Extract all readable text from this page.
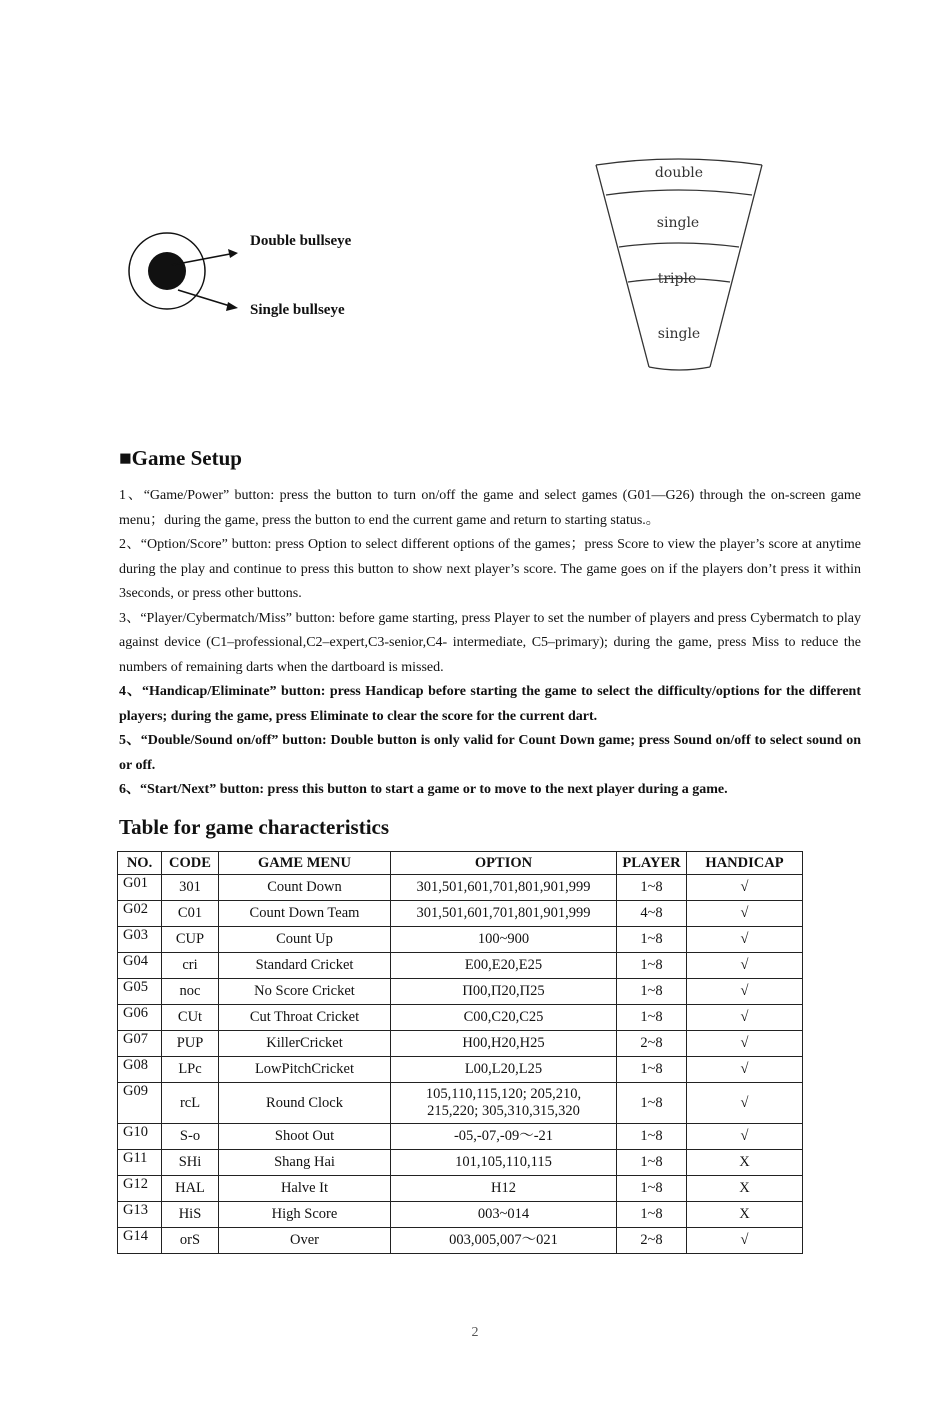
Double bullseye
Single bullseye
double
single
triple
single
■Game Setup

1、“Game/Power” button: press the button to turn on/off the game and select games (G01—G26) through the on-screen game menu；during the game, press the button to end the current game and return to starting status.。

2、“Option/Score” button: press Option to select different options of the games；press Score to view the player’s score at anytime during the play and continue to press this button to show next player’s score. The game goes on if the players don’t press it within 3seconds, or press other buttons.

3、“Player/Cybermatch/Miss” button: before game starting, press Player to set the number of players and press Cybermatch to play against device (C1–professional,C2–expert,C3-senior,C4- intermediate, C5–primary); during the game, press Miss to reduce the numbers of remaining darts when the dartboard is missed.

4、“Handicap/Eliminate” button: press Handicap before starting the game to select the difficulty/options for the different players; during the game, press Eliminate to clear the score for the current dart.

5、“Double/Sound on/off” button: Double button is only valid for Count Down game; press Sound on/off to select sound on or off.

6、“Start/Next” button: press this button to start a game or to move to the next player during a game.

Table for game characteristics
NO.	CODE	GAME MENU	OPTION	PLAYER	HANDICAP
G01	301	Count Down	301,501,601,701,801,901,999	1~8	√
G02	C01	Count Down Team	301,501,601,701,801,901,999	4~8	√
G03	CUP	Count Up	100~900	1~8	√
G04	cri	Standard Cricket	E00,E20,E25	1~8	√
G05	noc	No Score Cricket	П00,П20,П25	1~8	√
G06	CUt	Cut Throat Cricket	C00,C20,C25	1~8	√
G07	PUP	KillerCricket	H00,H20,H25	2~8	√
G08	LPc	LowPitchCricket	L00,L20,L25	1~8	√
G09	rcL	Round Clock	105,110,115,120; 205,210,
215,220; 305,310,315,320	1~8	√
G10	S-o	Shoot Out	-05,-07,-09～-21	1~8	√
G11	SHi	Shang Hai	101,105,110,115	1~8	X
G12	HAL	Halve It	H12	1~8	X
G13	HiS	High Score	003~014	1~8	X
G14	orS	Over	003,005,007～021	2~8	√
2
